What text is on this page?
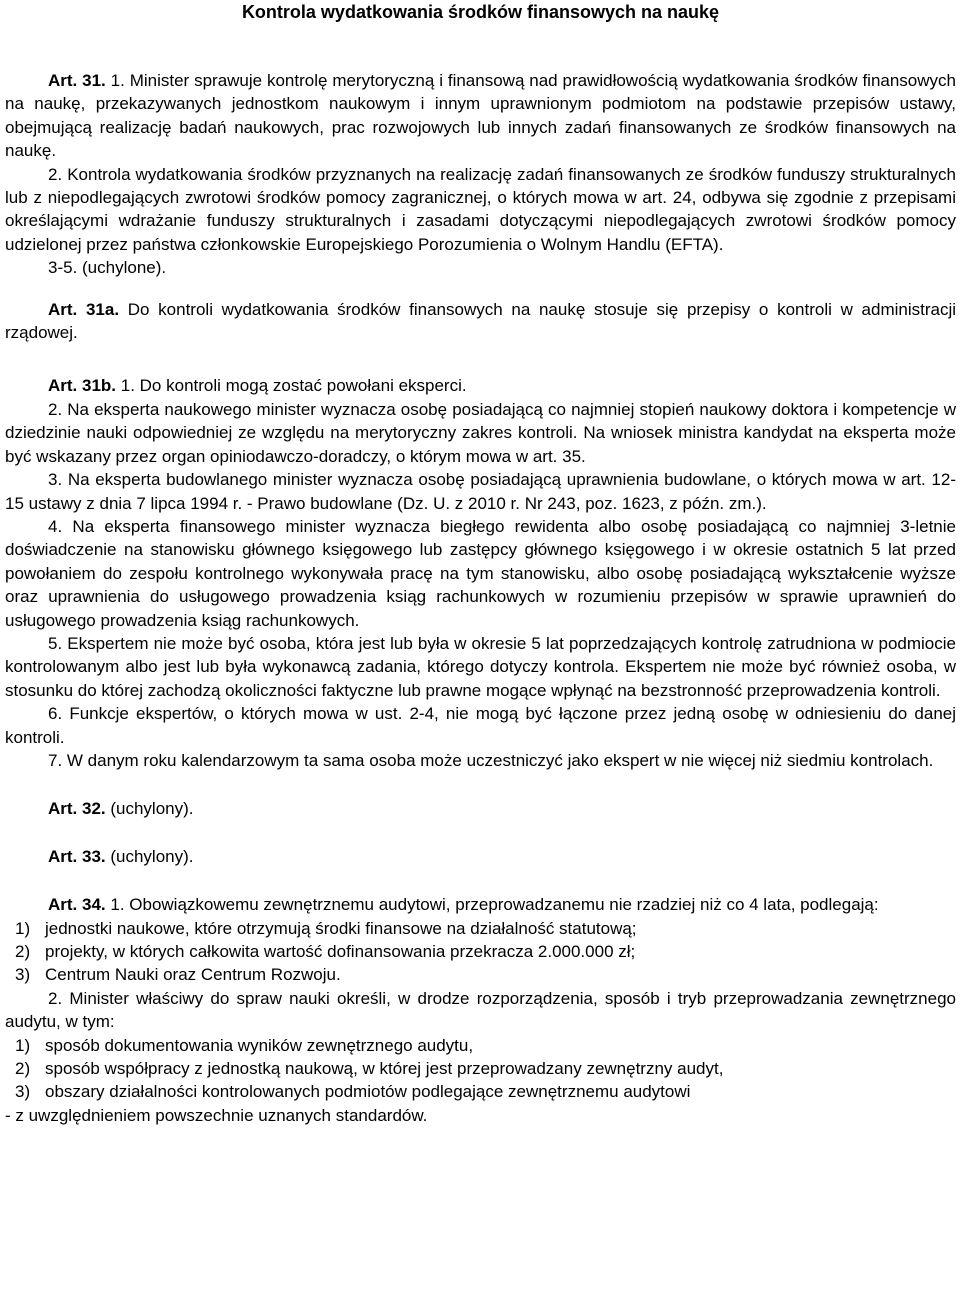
Kontrola wydatkowania środków finansowych na naukę

Art. 31. 1. Minister sprawuje kontrolę merytoryczną i finansową nad prawidłowością wydatkowania środków finansowych na naukę, przekazywanych jednostkom naukowym i innym uprawnionym podmiotom na podstawie przepisów ustawy, obejmującą realizację badań naukowych, prac rozwojowych lub innych zadań finansowanych ze środków finansowych na naukę.

2. Kontrola wydatkowania środków przyznanych na realizację zadań finansowanych ze środków funduszy strukturalnych lub z niepodlegających zwrotowi środków pomocy zagranicznej, o których mowa w art. 24, odbywa się zgodnie z przepisami określającymi wdrażanie funduszy strukturalnych i zasadami dotyczącymi niepodlegających zwrotowi środków pomocy udzielonej przez państwa członkowskie Europejskiego Porozumienia o Wolnym Handlu (EFTA).

3-5. (uchylone).

Art. 31a. Do kontroli wydatkowania środków finansowych na naukę stosuje się przepisy o kontroli w administracji rządowej.

Art. 31b. 1. Do kontroli mogą zostać powołani eksperci.

2. Na eksperta naukowego minister wyznacza osobę posiadającą co najmniej stopień naukowy doktora i kompetencje w dziedzinie nauki odpowiedniej ze względu na merytoryczny zakres kontroli. Na wniosek ministra kandydat na eksperta może być wskazany przez organ opiniodawczo-doradczy, o którym mowa w art. 35.

3. Na eksperta budowlanego minister wyznacza osobę posiadającą uprawnienia budowlane, o których mowa w art. 12-15 ustawy z dnia 7 lipca 1994 r. - Prawo budowlane (Dz. U. z 2010 r. Nr 243, poz. 1623, z późn. zm.).

4. Na eksperta finansowego minister wyznacza biegłego rewidenta albo osobę posiadającą co najmniej 3-letnie doświadczenie na stanowisku głównego księgowego lub zastępcy głównego księgowego i w okresie ostatnich 5 lat przed powołaniem do zespołu kontrolnego wykonywała pracę na tym stanowisku, albo osobę posiadającą wykształcenie wyższe oraz uprawnienia do usługowego prowadzenia ksiąg rachunkowych w rozumieniu przepisów w sprawie uprawnień do usługowego prowadzenia ksiąg rachunkowych.

5. Ekspertem nie może być osoba, która jest lub była w okresie 5 lat poprzedzających kontrolę zatrudniona w podmiocie kontrolowanym albo jest lub była wykonawcą zadania, którego dotyczy kontrola. Ekspertem nie może być również osoba, w stosunku do której zachodzą okoliczności faktyczne lub prawne mogące wpłynąć na bezstronność przeprowadzenia kontroli.

6. Funkcje ekspertów, o których mowa w ust. 2-4, nie mogą być łączone przez jedną osobę w odniesieniu do danej kontroli.

7. W danym roku kalendarzowym ta sama osoba może uczestniczyć jako ekspert w nie więcej niż siedmiu kontrolach.

Art. 32. (uchylony).

Art. 33. (uchylony).

Art. 34. 1. Obowiązkowemu zewnętrznemu audytowi, przeprowadzanemu nie rzadziej niż co 4 lata, podlegają:

1) jednostki naukowe, które otrzymują środki finansowe na działalność statutową;
2) projekty, w których całkowita wartość dofinansowania przekracza 2.000.000 zł;
3) Centrum Nauki oraz Centrum Rozwoju.

2. Minister właściwy do spraw nauki określi, w drodze rozporządzenia, sposób i tryb przeprowadzania zewnętrznego audytu, w tym:

1) sposób dokumentowania wyników zewnętrznego audytu,
2) sposób współpracy z jednostką naukową, w której jest przeprowadzany zewnętrzny audyt,
3) obszary działalności kontrolowanych podmiotów podlegające zewnętrznemu audytowi

- z uwzględnieniem powszechnie uznanych standardów.
